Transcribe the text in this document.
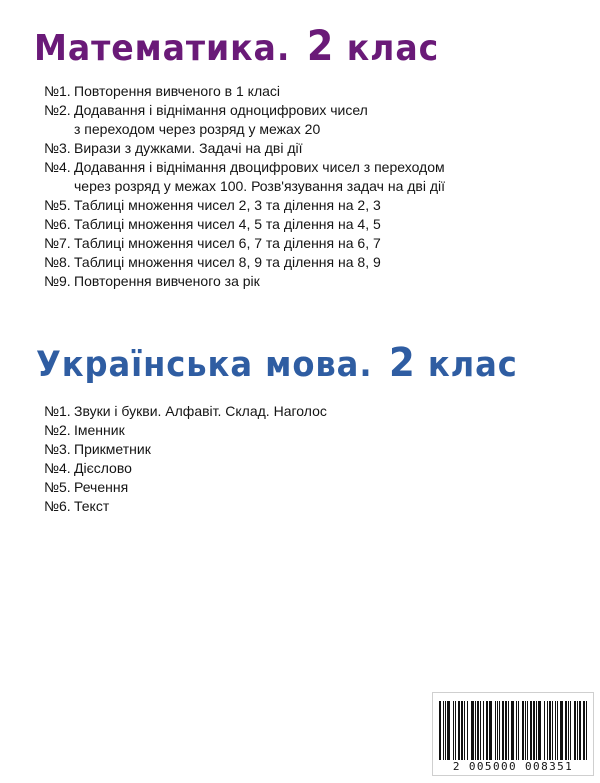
Математика. 2 клас
№1. Повторення вивченого в 1 класі
№2. Додавання і віднімання одноцифрових чисел
з переходом через розряд у межах 20
№3. Вирази з дужками. Задачі на дві дії
№4. Додавання і віднімання двоцифрових чисел з переходом
через розряд у межах 100. Розв'язування задач на дві дії
№5. Таблиці множення чисел 2, 3 та ділення на 2, 3
№6. Таблиці множення чисел 4, 5 та ділення на 4, 5
№7. Таблиці множення чисел 6, 7 та ділення на 6, 7
№8. Таблиці множення чисел 8, 9 та ділення на 8, 9
№9. Повторення вивченого за рік
Українська мова. 2 клас
№1. Звуки і букви. Алфавіт. Склад. Наголос
№2. Іменник
№3. Прикметник
№4. Дієслово
№5. Речення
№6. Текст
2 005000 008351
